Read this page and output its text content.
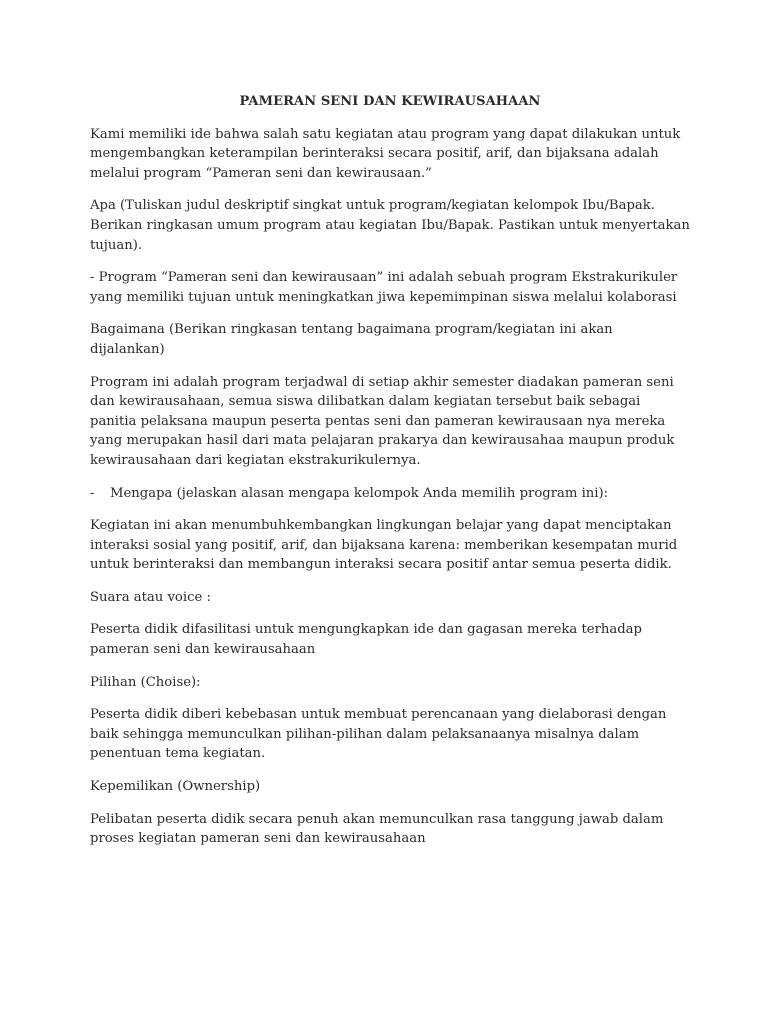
PAMERAN SENI DAN KEWIRAUSAHAAN
Kami memiliki ide bahwa salah satu kegiatan atau program yang dapat dilakukan untuk mengembangkan keterampilan berinteraksi secara positif, arif, dan bijaksana adalah melalui program “Pameran seni dan kewirausaan.”
Apa (Tuliskan judul deskriptif singkat untuk program/kegiatan kelompok Ibu/Bapak. Berikan ringkasan umum program atau kegiatan Ibu/Bapak. Pastikan untuk menyertakan tujuan).
- Program “Pameran seni dan kewirausaan” ini adalah sebuah program Ekstrakurikuler yang memiliki tujuan untuk meningkatkan jiwa kepemimpinan siswa melalui kolaborasi
Bagaimana (Berikan ringkasan tentang bagaimana program/kegiatan ini akan dijalankan)
Program ini adalah program terjadwal di setiap akhir semester diadakan pameran seni dan kewirausahaan, semua siswa dilibatkan dalam kegiatan tersebut baik sebagai panitia pelaksana maupun peserta pentas seni dan pameran kewirausaan nya mereka yang merupakan hasil dari mata pelajaran prakarya dan kewirausahaa maupun produk kewirausahaan dari kegiatan ekstrakurikulernya.
-	Mengapa (jelaskan alasan mengapa kelompok Anda memilih program ini):
Kegiatan ini akan menumbuhkembangkan lingkungan belajar yang dapat menciptakan interaksi sosial yang positif, arif, dan bijaksana karena: memberikan kesempatan murid untuk berinteraksi dan membangun interaksi secara positif antar semua peserta didik.
Suara atau voice :
Peserta didik difasilitasi untuk mengungkapkan ide dan gagasan mereka terhadap pameran seni dan kewirausahaan
Pilihan (Choise):
Peserta didik diberi kebebasan untuk membuat perencanaan yang dielaborasi dengan baik sehingga memunculkan pilihan-pilihan dalam pelaksanaanya misalnya dalam penentuan tema kegiatan.
Kepemilikan (Ownership)
Pelibatan peserta didik secara penuh akan memunculkan rasa tanggung jawab dalam proses kegiatan pameran seni dan kewirausahaan
